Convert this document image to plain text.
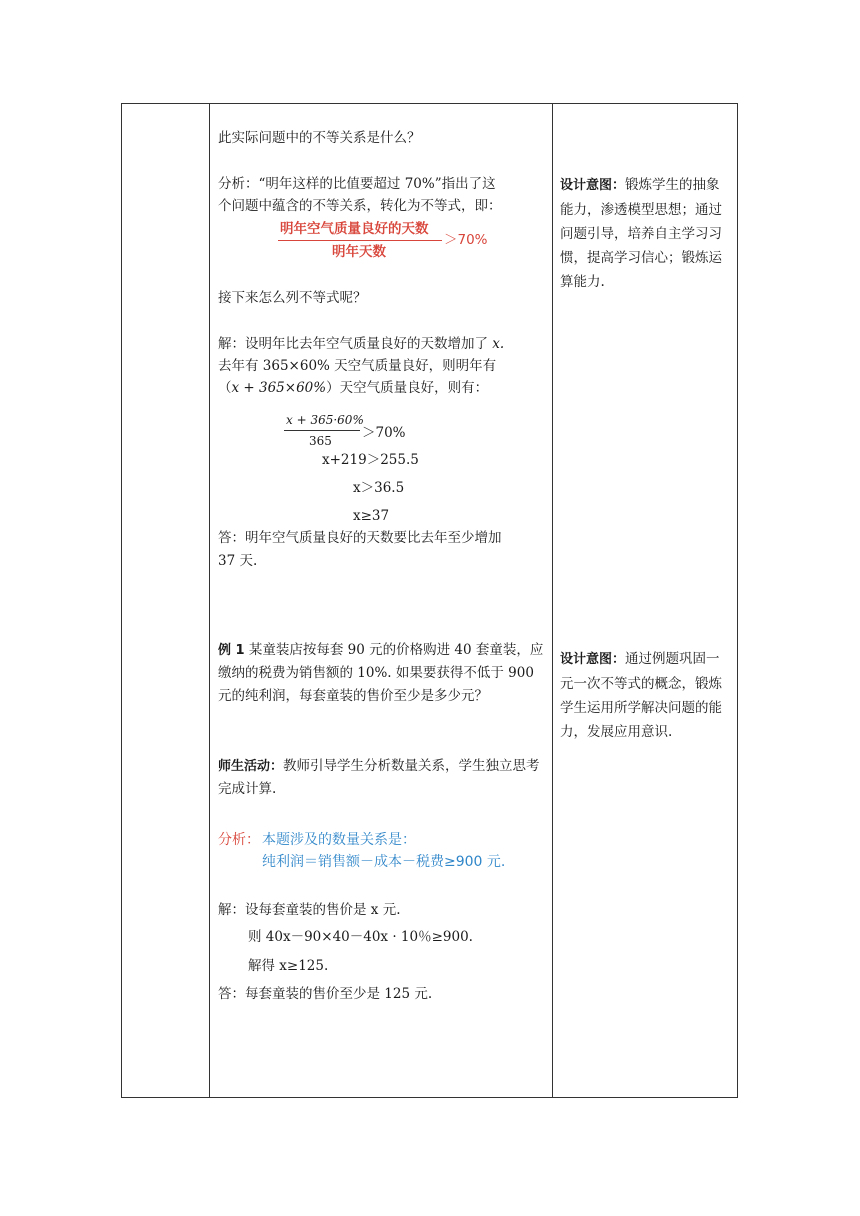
此实际问题中的不等关系是什么？
分析：“明年这样的比值要超过 70%”指出了这
个问题中蕴含的不等关系，转化为不等式，即：
明年空气质量良好的天数
明年天数
＞70%
接下来怎么列不等式呢？
解：设明年比去年空气质量良好的天数增加了 x.
去年有 365×60% 天空气质量良好，则明年有
（x + 365×60%）天空气质量良好，则有：
x + 365·60%
365 ＞70%
x+219＞255.5
x＞36.5
x≥37
答：明年空气质量良好的天数要比去年至少增加
37 天.
例 1 某童装店按每套 90 元的价格购进 40 套童装，应缴纳的税费为销售额的 10%. 如果要获得不低于 900 元的纯利润，每套童装的售价至少是多少元？
师生活动：教师引导学生分析数量关系，学生独立思考完成计算.
分析： 本题涉及的数量关系是：
纯利润＝销售额－成本－税费≥900 元.
解：设每套童装的售价是 x 元.
则 40x－90×40－40x · 10％≥900.
解得 x≥125.
答：每套童装的售价至少是 125 元.
设计意图：锻炼学生的抽象能力，渗透模型思想；通过问题引导，培养自主学习习惯，提高学习信心；锻炼运算能力.
设计意图：通过例题巩固一元一次不等式的概念，锻炼学生运用所学解决问题的能力，发展应用意识.
